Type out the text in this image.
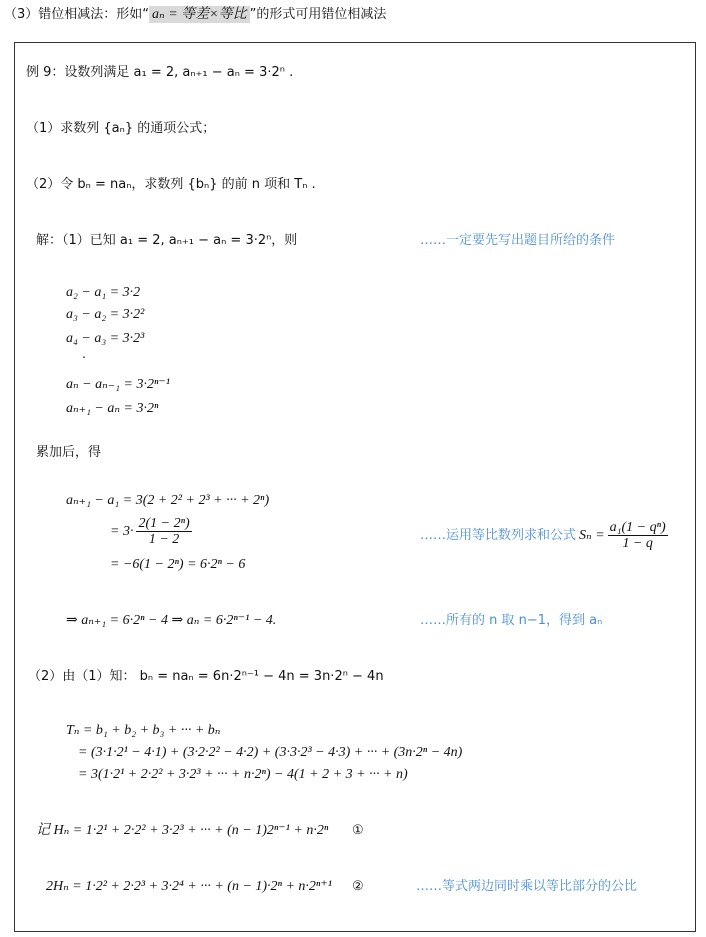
（3）错位相减法：形如“ aₙ = 等差×等比 ”的形式可用错位相减法
例 9：设数列满足 a₁ = 2, aₙ₊₁ − aₙ = 3·2ⁿ .
（1）求数列 {aₙ} 的通项公式；
（2）令 bₙ = naₙ，求数列 {bₙ} 的前 n 项和 Tₙ .
解：（1）已知 a₁ = 2, aₙ₊₁ − aₙ = 3·2ⁿ，则	……一定要先写出题目所给的条件
a₂ − a₁ = 3·2
a₃ − a₂ = 3·2²
a₄ − a₃ = 3·2³
·
aₙ − aₙ₋₁ = 3·2ⁿ⁻¹
aₙ₊₁ − aₙ = 3·2ⁿ
累加后，得
aₙ₊₁ − a₁ = 3(2 + 2² + 2³ + ··· + 2ⁿ)
= $3\cdot \frac{\text{2(1 − 2ⁿ)}}{1 - 2}$
= −6(1 − 2ⁿ) = 6·2ⁿ − 6
……运用等比数列求和公式 $S_n = \frac{\text{a₁(1 − qⁿ)}}{1 - q}$
⇒ aₙ₊₁ = 6·2ⁿ − 4 ⇒ aₙ = 6·2ⁿ⁻¹ − 4.	……所有的 n 取 n−1，得到 aₙ
（2）由（1）知： bₙ = naₙ = 6n·2ⁿ⁻¹ − 4n = 3n·2ⁿ − 4n
Tₙ = b₁ + b₂ + b₃ + ··· + bₙ
= (3·1·2¹ − 4·1) + (3·2·2² − 4·2) + (3·3·2³ − 4·3) + ··· + (3n·2ⁿ − 4n)
= 3(1·2¹ + 2·2² + 3·2³ + ··· + n·2ⁿ) − 4(1 + 2 + 3 + ··· + n)
记 Hₙ = 1·2¹ + 2·2² + 3·2³ + ··· + (n − 1)2ⁿ⁻¹ + n·2ⁿ ①
2Hₙ = 1·2² + 2·2³ + 3·2⁴ + ··· + (n − 1)·2ⁿ + n·2ⁿ⁺¹ ②	……等式两边同时乘以等比部分的公比
